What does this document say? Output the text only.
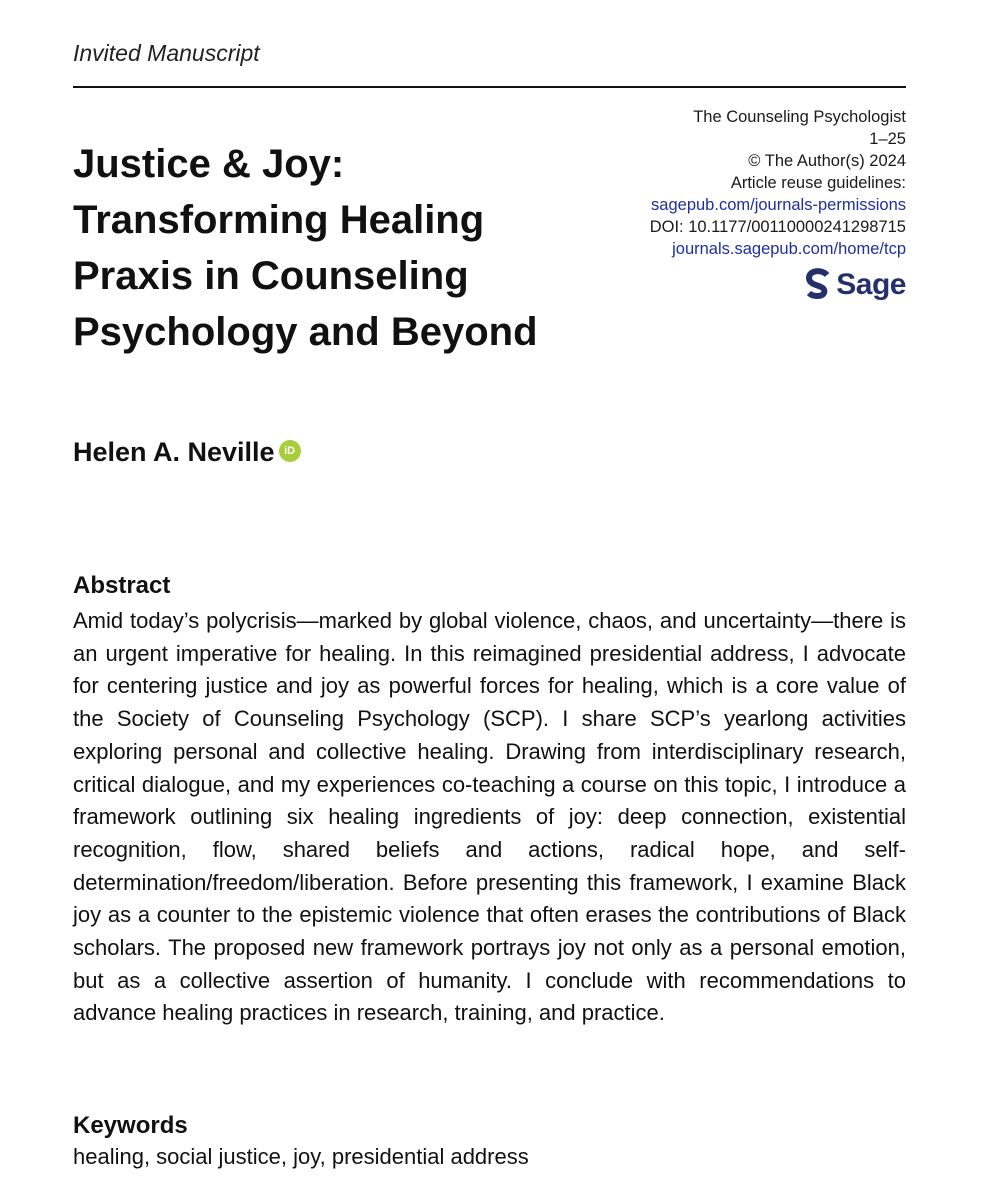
Invited Manuscript
The Counseling Psychologist
1–25
© The Author(s) 2024
Article reuse guidelines:
sagepub.com/journals-permissions
DOI: 10.1177/00110000241298715
journals.sagepub.com/home/tcp
Sage
Justice & Joy: Transforming Healing Praxis in Counseling Psychology and Beyond
Helen A. Neville iD
Abstract

Amid today’s polycrisis—marked by global violence, chaos, and uncertainty—there is an urgent imperative for healing. In this reimagined presidential address, I advocate for centering justice and joy as powerful forces for healing, which is a core value of the Society of Counseling Psychology (SCP). I share SCP’s yearlong activities exploring personal and collective healing. Drawing from interdisciplinary research, critical dialogue, and my experiences co-teaching a course on this topic, I introduce a framework outlining six healing ingredients of joy: deep connection, existential recognition, flow, shared beliefs and actions, radical hope, and self-determination/freedom/liberation. Before presenting this framework, I examine Black joy as a counter to the epistemic violence that often erases the contributions of Black scholars. The proposed new framework portrays joy not only as a personal emotion, but as a collective assertion of humanity. I conclude with recommendations to advance healing practices in research, training, and practice.

Keywords

healing, social justice, joy, presidential address
